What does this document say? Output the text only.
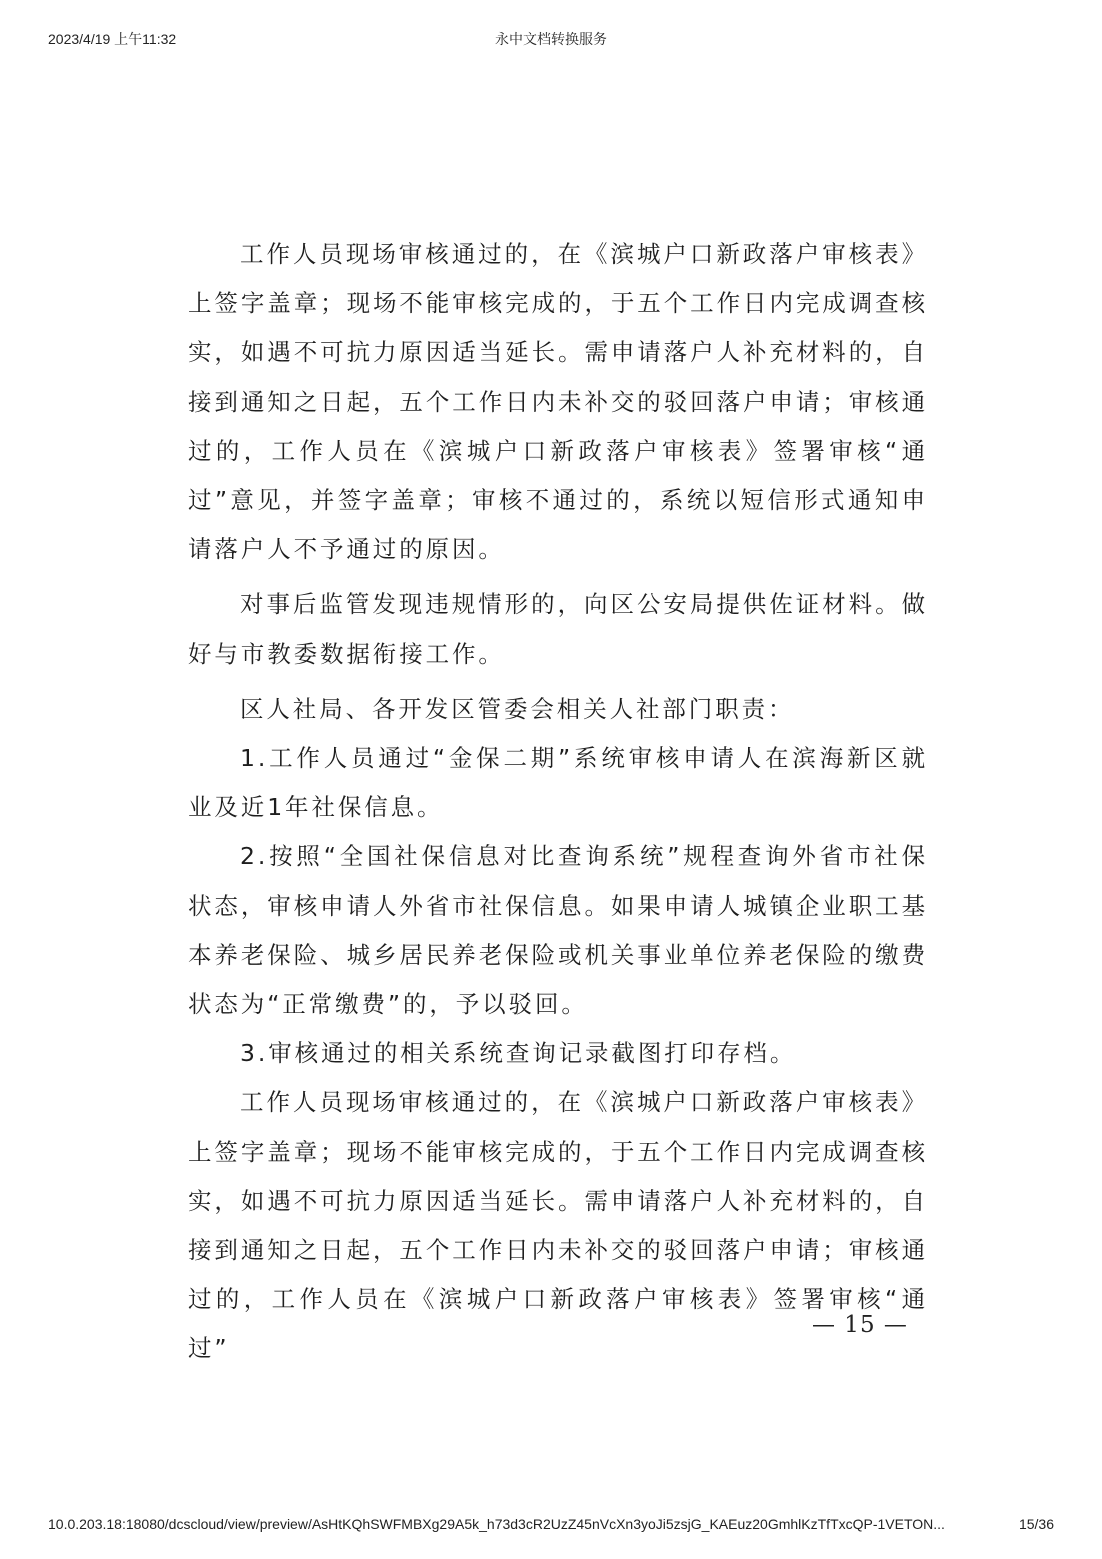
2023/4/19 上午11:32	永中文档转换服务

工作人员现场审核通过的，在《滨城户口新政落户审核表》上签字盖章；现场不能审核完成的，于五个工作日内完成调查核实，如遇不可抗力原因适当延长。需申请落户人补充材料的，自接到通知之日起，五个工作日内未补交的驳回落户申请；审核通过的，工作人员在《滨城户口新政落户审核表》签署审核“通过”意见，并签字盖章；审核不通过的，系统以短信形式通知申请落户人不予通过的原因。

对事后监管发现违规情形的，向区公安局提供佐证材料。做好与市教委数据衔接工作。

区人社局、各开发区管委会相关人社部门职责：

1.工作人员通过“金保二期”系统审核申请人在滨海新区就业及近1年社保信息。

2.按照“全国社保信息对比查询系统”规程查询外省市社保状态，审核申请人外省市社保信息。如果申请人城镇企业职工基本养老保险、城乡居民养老保险或机关事业单位养老保险的缴费状态为“正常缴费”的，予以驳回。

3.审核通过的相关系统查询记录截图打印存档。

工作人员现场审核通过的，在《滨城户口新政落户审核表》上签字盖章；现场不能审核完成的，于五个工作日内完成调查核实，如遇不可抗力原因适当延长。需申请落户人补充材料的，自接到通知之日起，五个工作日内未补交的驳回落户申请；审核通过的，工作人员在《滨城户口新政落户审核表》签署审核“通过”

— 15 —
10.0.203.18:18080/dcscloud/view/preview/AsHtKQhSWFMBXg29A5k_h73d3cR2UzZ45nVcXn3yoJi5zsjG_KAEuz20GmhlKzTfTxcQP-1VETON...	15/36
